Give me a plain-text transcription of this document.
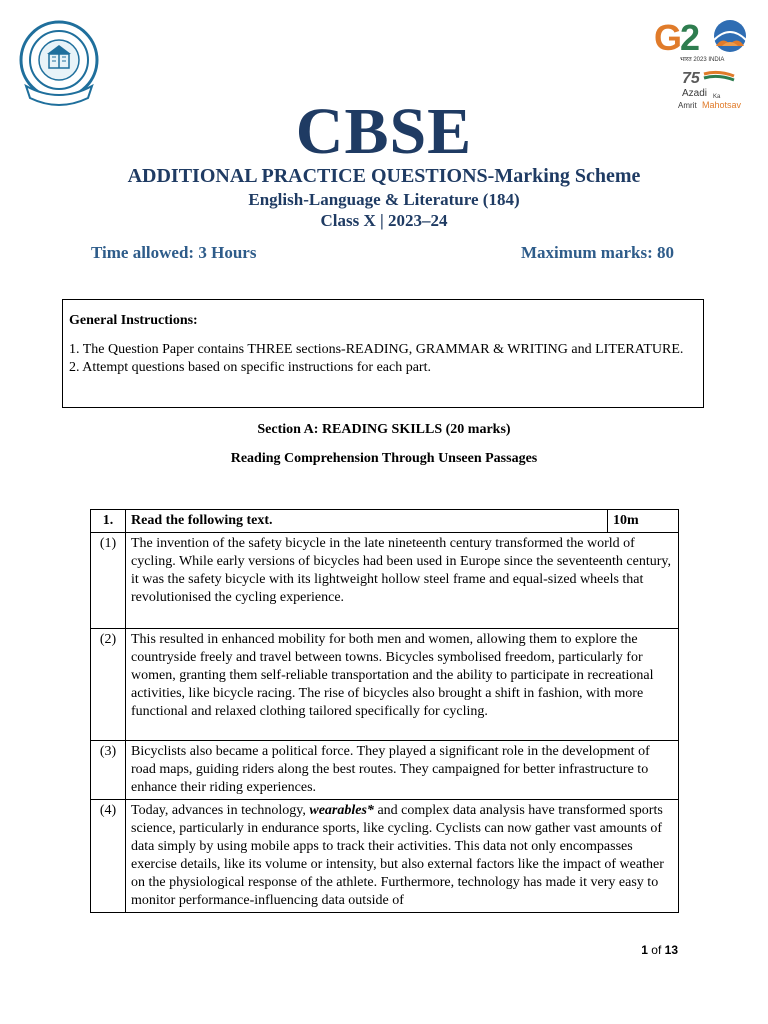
G
2
भारत 2023 INDIA
75
Azadi Ka
Amrit Mahotsav
CBSE
ADDITIONAL PRACTICE QUESTIONS-Marking Scheme
English-Language & Literature (184)
Class X | 2023–24
Time allowed: 3 Hours	Maximum marks: 80
General Instructions:
1. The Question Paper contains THREE sections-READING, GRAMMAR & WRITING and LITERATURE.
2. Attempt questions based on specific instructions for each part.
Section A: READING SKILLS (20 marks)
Reading Comprehension Through Unseen Passages
1.	Read the following text.	10m
(1)	The invention of the safety bicycle in the late nineteenth century transformed the world of cycling. While early versions of bicycles had been used in Europe since the seventeenth century, it was the safety bicycle with its lightweight hollow steel frame and equal-sized wheels that revolutionised the cycling experience.	
(2)	This resulted in enhanced mobility for both men and women, allowing them to explore the countryside freely and travel between towns. Bicycles symbolised freedom, particularly for women, granting them self-reliable transportation and the ability to participate in recreational activities, like bicycle racing. The rise of bicycles also brought a shift in fashion, with more functional and relaxed clothing tailored specifically for cycling.	
(3)	Bicyclists also became a political force. They played a significant role in the development of road maps, guiding riders along the best routes. They campaigned for better infrastructure to enhance their riding experiences.	
(4)	Today, advances in technology, wearables* and complex data analysis have transformed sports science, particularly in endurance sports, like cycling. Cyclists can now gather vast amounts of data simply by using mobile apps to track their activities. This data not only encompasses exercise details, like its volume or intensity, but also external factors like the impact of weather on the physiological response of the athlete. Furthermore, technology has made it very easy to monitor performance-influencing data outside of	
1 of 13
